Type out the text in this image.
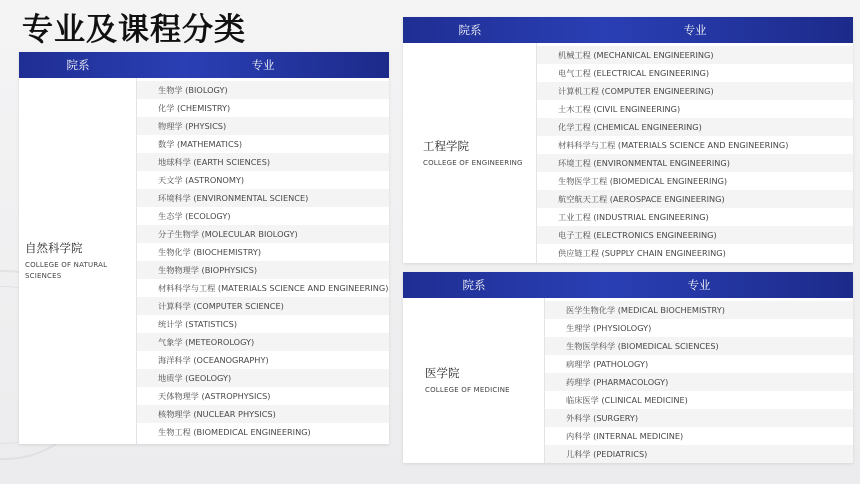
专业及课程分类
院系	专业
自然科学院
COLLEGE OF NATURAL SCIENCES
生物学 (BIOLOGY)
化学 (CHEMISTRY)
物理学 (PHYSICS)
数学 (MATHEMATICS)
地球科学 (EARTH SCIENCES)
天文学 (ASTRONOMY)
环境科学 (ENVIRONMENTAL SCIENCE)
生态学 (ECOLOGY)
分子生物学 (MOLECULAR BIOLOGY)
生物化学 (BIOCHEMISTRY)
生物物理学 (BIOPHYSICS)
材料科学与工程 (MATERIALS SCIENCE AND ENGINEERING)
计算科学 (COMPUTER SCIENCE)
统计学 (STATISTICS)
气象学 (METEOROLOGY)
海洋科学 (OCEANOGRAPHY)
地质学 (GEOLOGY)
天体物理学 (ASTROPHYSICS)
核物理学 (NUCLEAR PHYSICS)
生物工程 (BIOMEDICAL ENGINEERING)
院系	专业
工程学院
COLLEGE OF ENGINEERING
机械工程 (MECHANICAL ENGINEERING)
电气工程 (ELECTRICAL ENGINEERING)
计算机工程 (COMPUTER ENGINEERING)
土木工程 (CIVIL ENGINEERING)
化学工程 (CHEMICAL ENGINEERING)
材料科学与工程 (MATERIALS SCIENCE AND ENGINEERING)
环境工程 (ENVIRONMENTAL ENGINEERING)
生物医学工程 (BIOMEDICAL ENGINEERING)
航空航天工程 (AEROSPACE ENGINEERING)
工业工程 (INDUSTRIAL ENGINEERING)
电子工程 (ELECTRONICS ENGINEERING)
供应链工程 (SUPPLY CHAIN ENGINEERING)
院系	专业
医学院
COLLEGE OF MEDICINE
医学生物化学 (MEDICAL BIOCHEMISTRY)
生理学 (PHYSIOLOGY)
生物医学科学 (BIOMEDICAL SCIENCES)
病理学 (PATHOLOGY)
药理学 (PHARMACOLOGY)
临床医学 (CLINICAL MEDICINE)
外科学 (SURGERY)
内科学 (INTERNAL MEDICINE)
儿科学 (PEDIATRICS)
